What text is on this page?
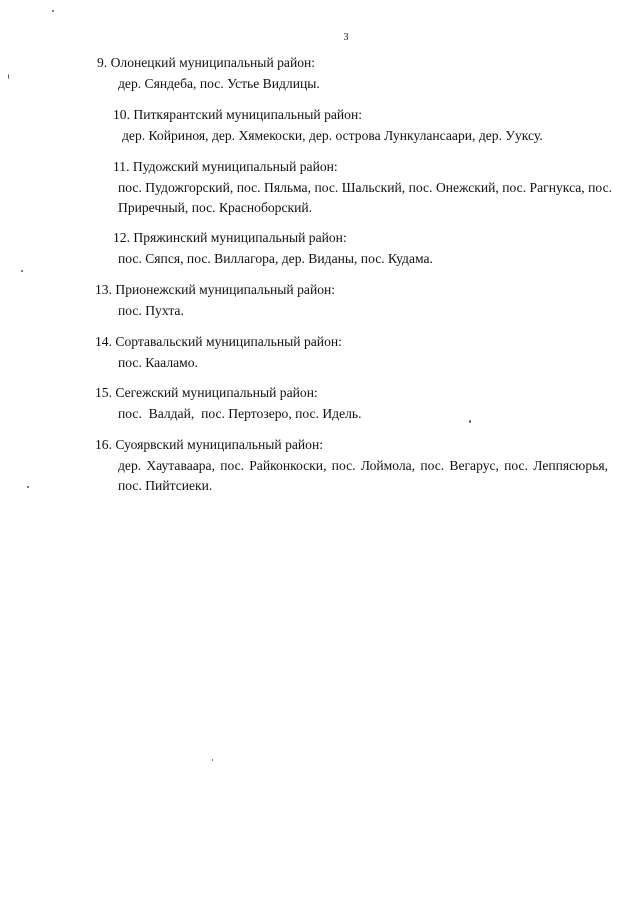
3
9. Олонецкий муниципальный район:
дер. Сяндеба, пос. Устье Видлицы.
10. Питкярантский муниципальный район:
дер. Койриноя, дер. Хямекоски, дер. острова Лункулансаари, дер. Ууксу.
11. Пудожский муниципальный район:
пос. Пудожгорский, пос. Пяльма, пос. Шальский, пос. Онежский, пос. Рагнукса, пос. Приречный, пос. Красноборский.
12. Пряжинский муниципальный район:
пос. Сяпся, пос. Виллагора, дер. Виданы, пос. Кудама.
13. Прионежский муниципальный район:
пос. Пухта.
14. Сортавальский муниципальный район:
пос. Кааламо.
15. Сегежский муниципальный район:
пос.  Валдай,  пос. Пертозеро, пос. Идель.
16. Суоярвский муниципальный район:
дер. Хаутаваара, пос. Райконкоски, пос. Лоймола, пос. Вегарус, пос. Леппясюрья, пос. Пийтсиеки.
